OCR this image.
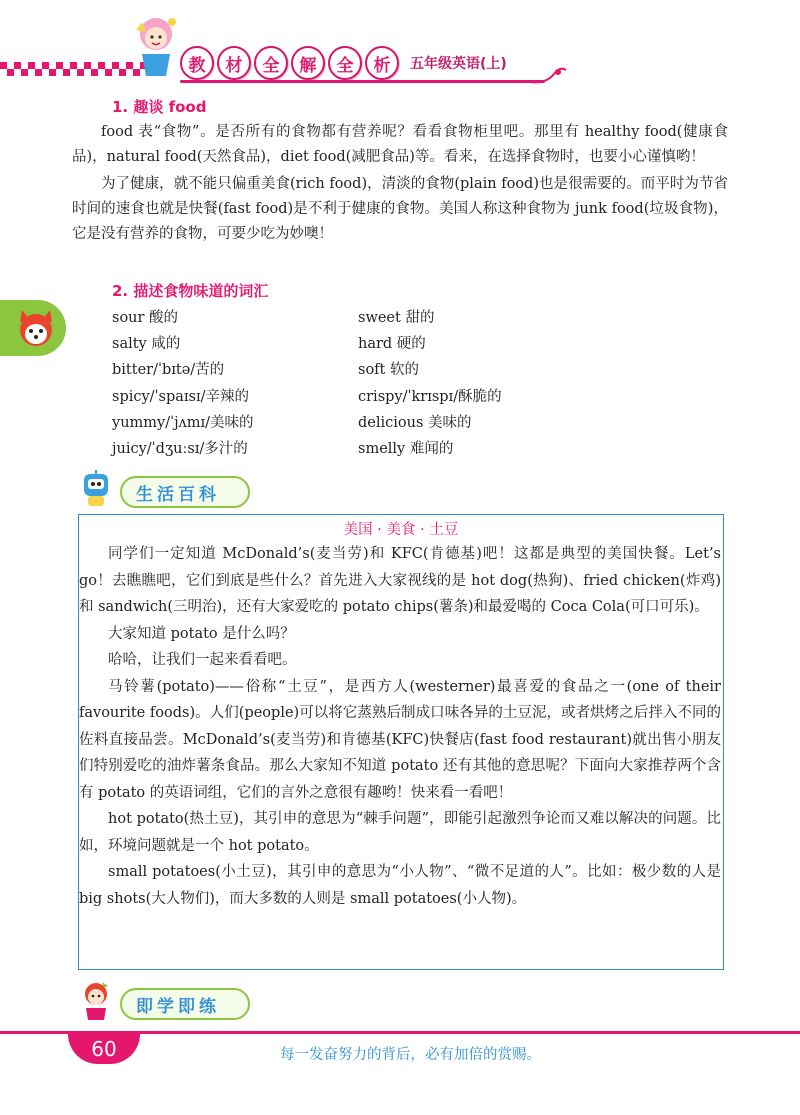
教	材	全	解	全	析	五年级英语(上)
1. 趣谈 food

food 表“食物”。是否所有的食物都有营养呢？看看食物柜里吧。那里有 healthy food(健康食品)，natural food(天然食品)，diet food(减肥食品)等。看来，在选择食物时，也要小心谨慎哟！

为了健康，就不能只偏重美食(rich food)，清淡的食物(plain food)也是很需要的。而平时为节省时间的速食也就是快餐(fast food)是不利于健康的食物。美国人称这种食物为 junk food(垃圾食物)，它是没有营养的食物，可要少吃为妙噢！

2. 描述食物味道的词汇
sour 酸的	sweet 甜的
salty 咸的	hard 硬的
bitter/ˈbɪtə/苦的	soft 软的
spicy/ˈspaɪsɪ/辛辣的	crispy/ˈkrɪspɪ/酥脆的
yummy/ˈjʌmɪ/美味的	delicious 美味的
juicy/ˈdʒuːsɪ/多汁的	smelly 难闻的
生活百科
美国 · 美食 · 土豆

同学们一定知道 McDonald’s(麦当劳)和 KFC(肯德基)吧！这都是典型的美国快餐。Let’s go！去瞧瞧吧，它们到底是些什么？首先进入大家视线的是 hot dog(热狗)、fried chicken(炸鸡)和 sandwich(三明治)，还有大家爱吃的 potato chips(薯条)和最爱喝的 Coca Cola(可口可乐)。

大家知道 potato 是什么吗？

哈哈，让我们一起来看看吧。

马铃薯(potato)——俗称“土豆”，是西方人(westerner)最喜爱的食品之一(one of their favourite foods)。人们(people)可以将它蒸熟后制成口味各异的土豆泥，或者烘烤之后拌入不同的佐料直接品尝。McDonald’s(麦当劳)和肯德基(KFC)快餐店(fast food restaurant)就出售小朋友们特别爱吃的油炸薯条食品。那么大家知不知道 potato 还有其他的意思呢？下面向大家推荐两个含有 potato 的英语词组，它们的言外之意很有趣哟！快来看一看吧！

hot potato(热土豆)，其引申的意思为“棘手问题”，即能引起激烈争论而又难以解决的问题。比如，环境问题就是一个 hot potato。

small potatoes(小土豆)，其引申的意思为“小人物”、“微不足道的人”。比如：极少数的人是 big shots(大人物们)，而大多数的人则是 small potatoes(小人物)。

即学即练
60	每一发奋努力的背后，必有加倍的赏赐。
